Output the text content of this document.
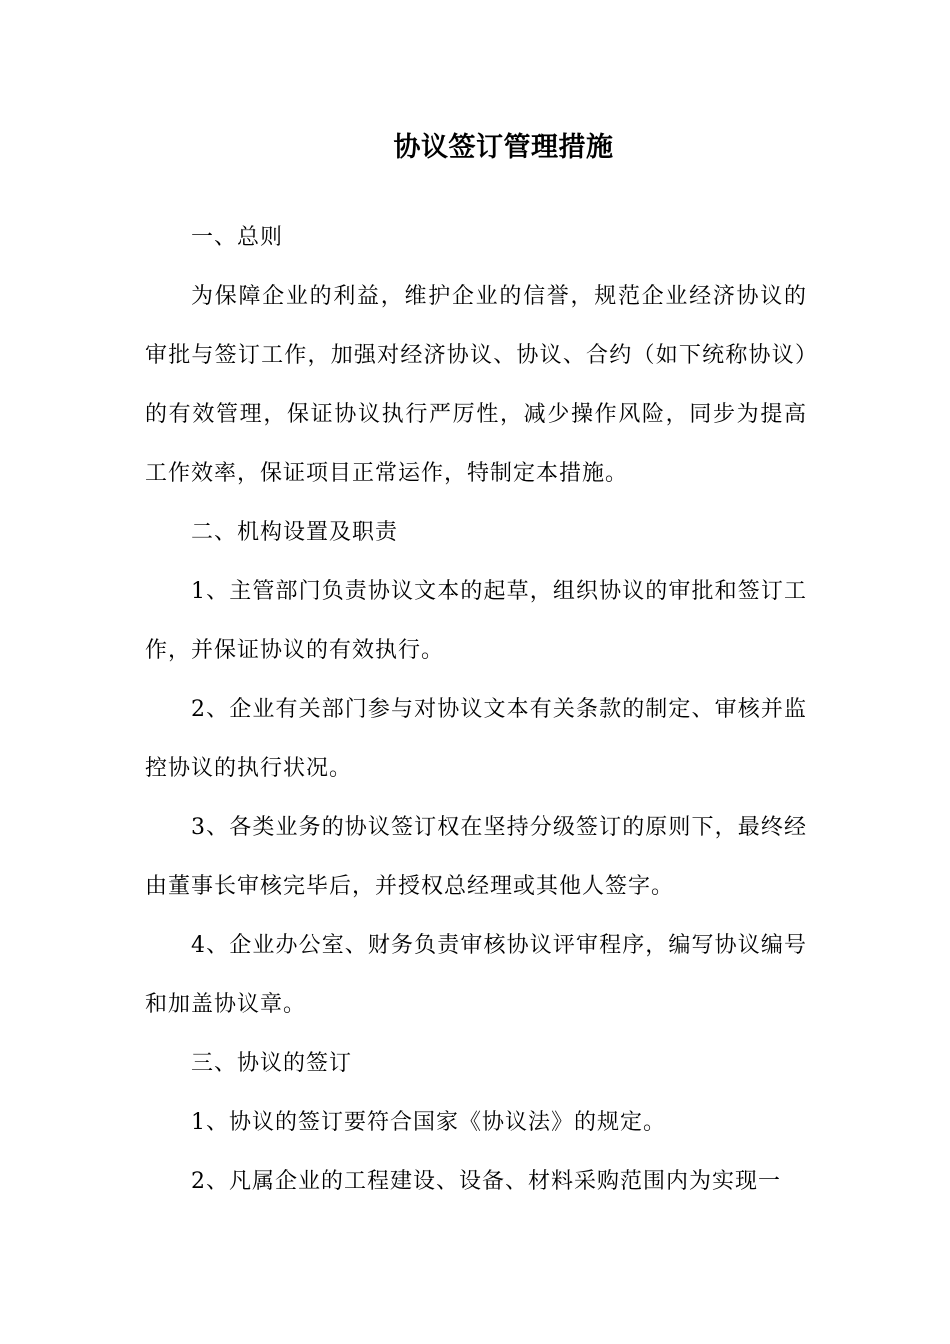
协议签订管理措施
一、总则
为保障企业的利益，维护企业的信誉，规范企业经济协议的审批与签订工作，加强对经济协议、协议、合约（如下统称协议）的有效管理，保证协议执行严厉性，减少操作风险，同步为提高工作效率，保证项目正常运作，特制定本措施。
二、机构设置及职责
1、主管部门负责协议文本的起草，组织协议的审批和签订工作，并保证协议的有效执行。
2、企业有关部门参与对协议文本有关条款的制定、审核并监控协议的执行状况。
3、各类业务的协议签订权在坚持分级签订的原则下，最终经由董事长审核完毕后，并授权总经理或其他人签字。
4、企业办公室、财务负责审核协议评审程序，编写协议编号和加盖协议章。
三、协议的签订
1、协议的签订要符合国家《协议法》的规定。
2、凡属企业的工程建设、设备、材料采购范围内为实现一
